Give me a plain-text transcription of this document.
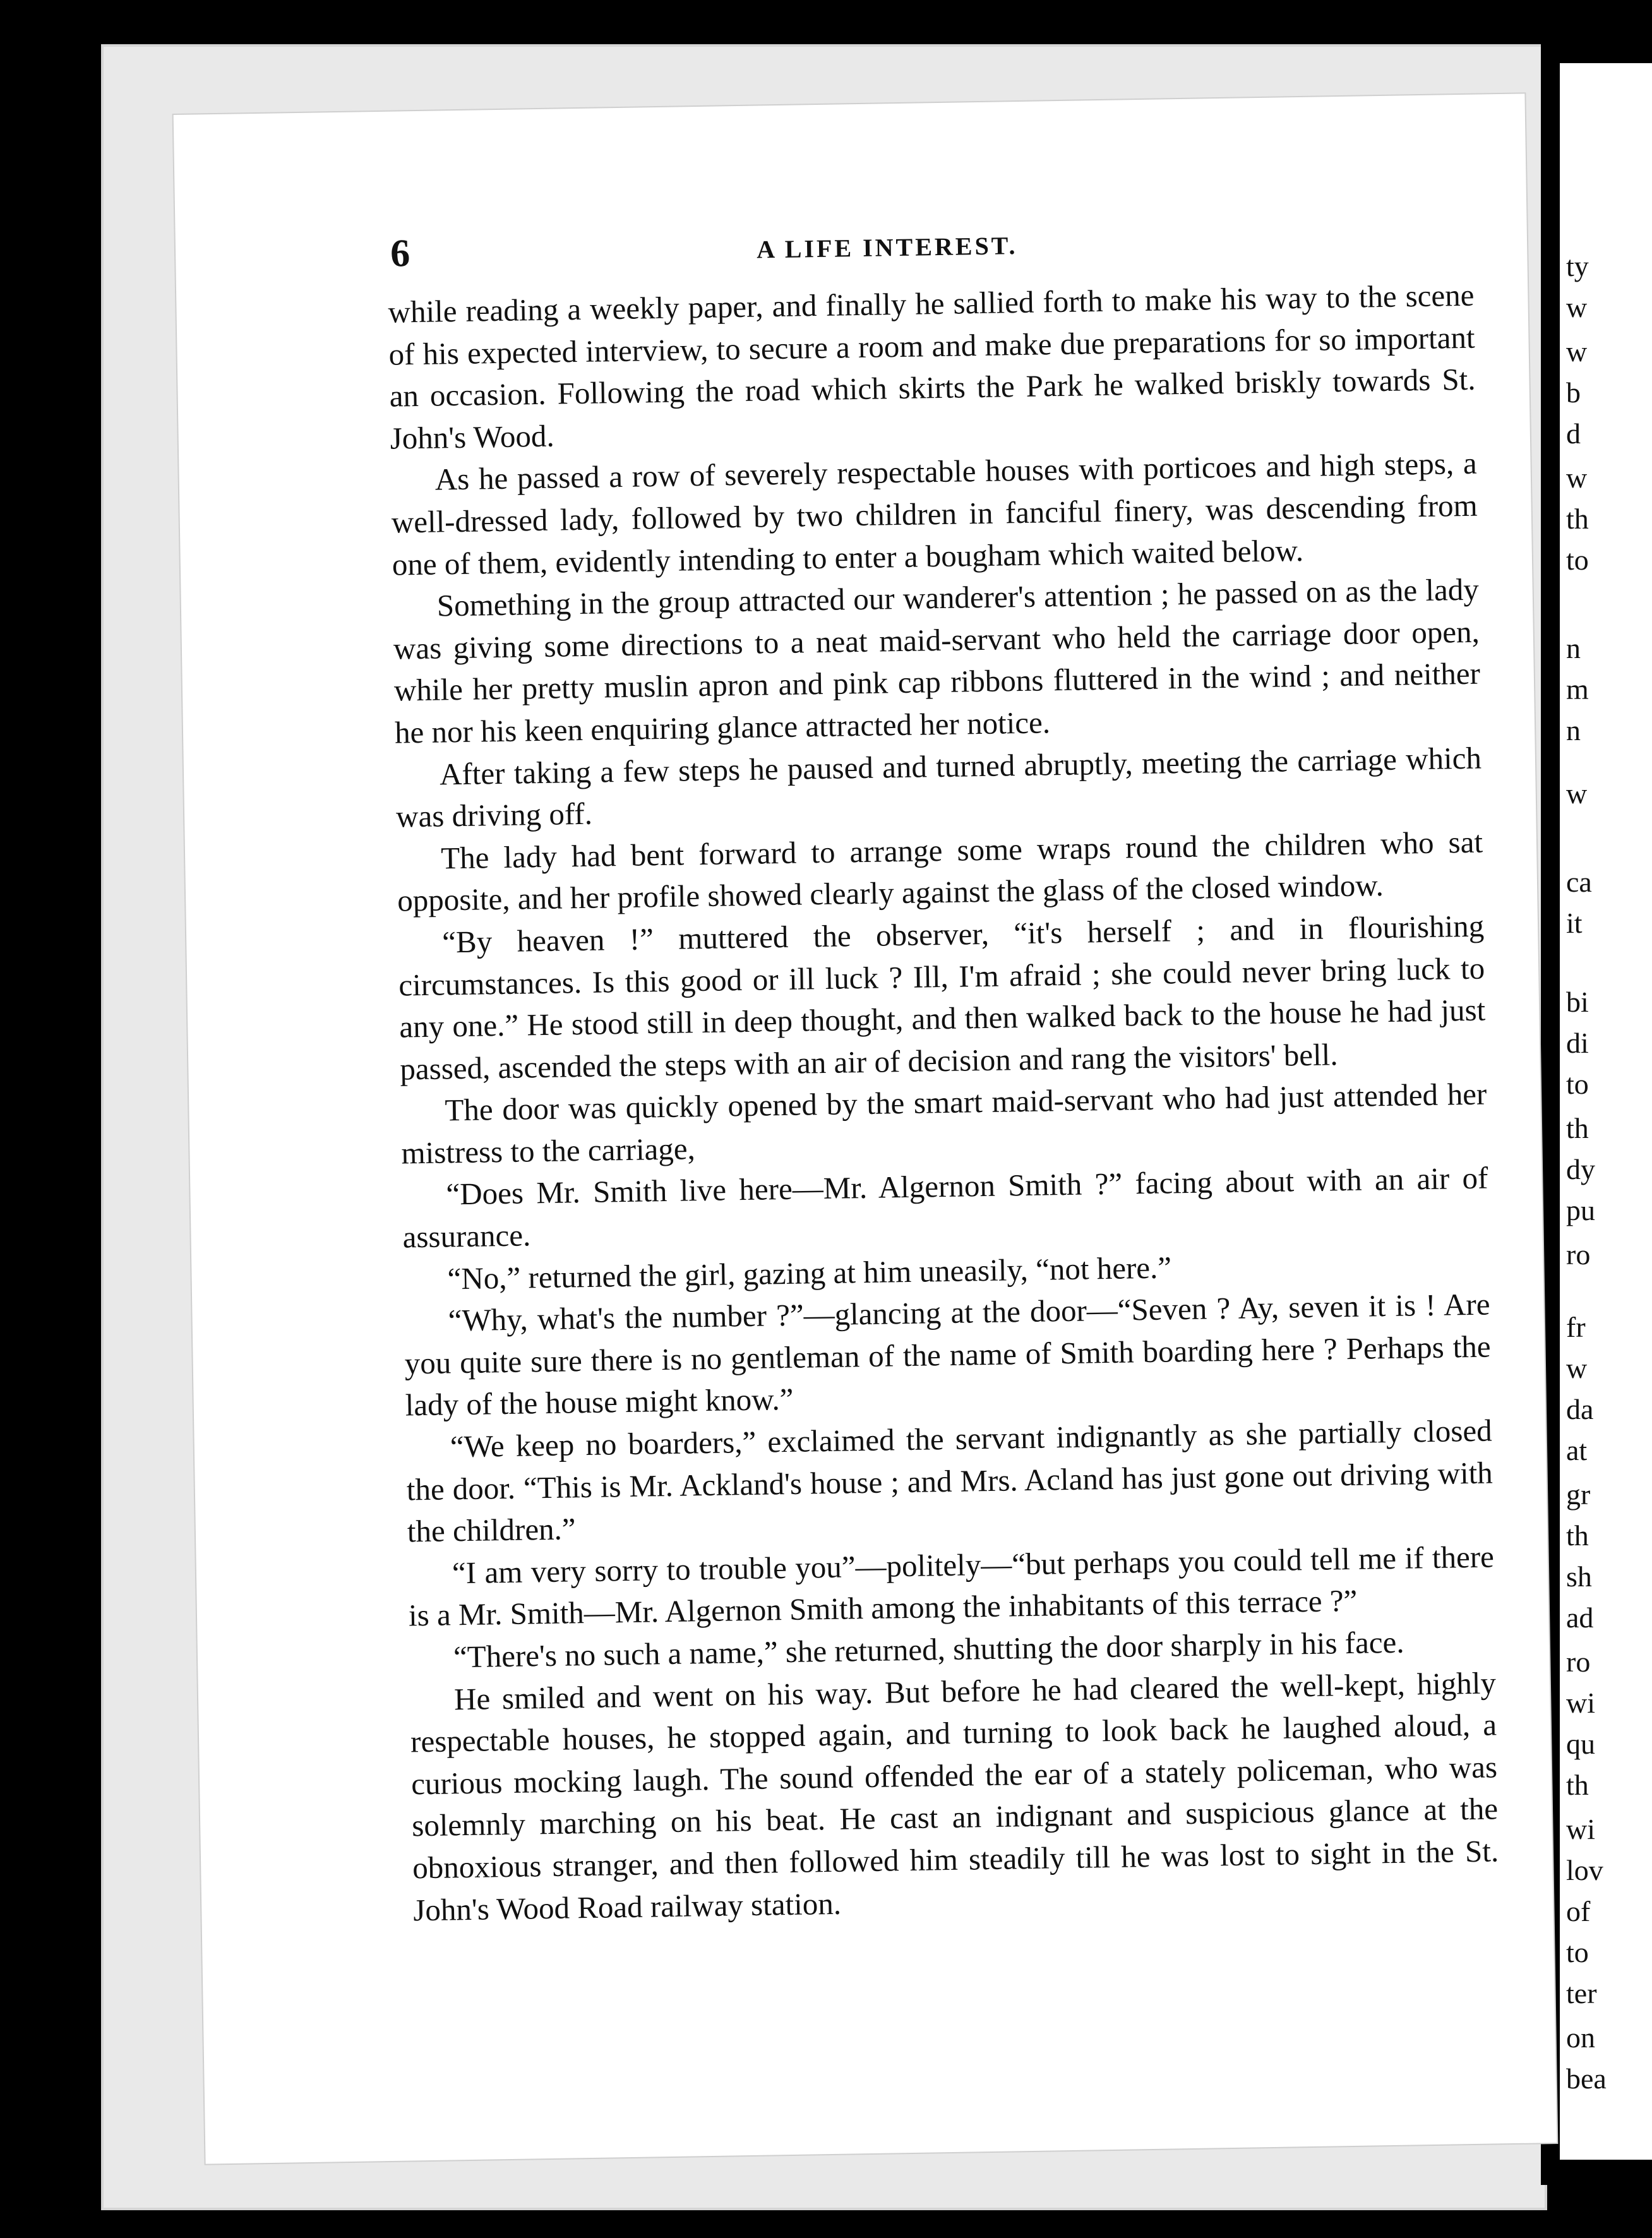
6	A LIFE INTEREST.

while reading a weekly paper, and finally he sallied forth to make his way to the scene of his expected interview, to secure a room and make due preparations for so important an occasion. Following the road which skirts the Park he walked briskly towards St. John's Wood.

As he passed a row of severely respectable houses with porticoes and high steps, a well-dressed lady, followed by two children in fanciful finery, was descending from one of them, evidently intending to enter a bougham which waited below.

Something in the group attracted our wanderer's attention ; he passed on as the lady was giving some directions to a neat maid-servant who held the carriage door open, while her pretty muslin apron and pink cap ribbons fluttered in the wind ; and neither he nor his keen enquiring glance attracted her notice.

After taking a few steps he paused and turned abruptly, meeting the carriage which was driving off.

The lady had bent forward to arrange some wraps round the children who sat opposite, and her profile showed clearly against the glass of the closed window.

“By heaven !” muttered the observer, “it's herself ; and in flourishing circumstances. Is this good or ill luck ? Ill, I'm afraid ; she could never bring luck to any one.” He stood still in deep thought, and then walked back to the house he had just passed, ascended the steps with an air of decision and rang the visitors' bell.

The door was quickly opened by the smart maid-servant who had just attended her mistress to the carriage,

“Does Mr. Smith live here—Mr. Algernon Smith ?” facing about with an air of assurance.

“No,” returned the girl, gazing at him uneasily, “not here.”

“Why, what's the number ?”—glancing at the door—“Seven ? Ay, seven it is ! Are you quite sure there is no gentleman of the name of Smith boarding here ? Perhaps the lady of the house might know.”

“We keep no boarders,” exclaimed the servant indignantly as she partially closed the door. “This is Mr. Ackland's house ; and Mrs. Acland has just gone out driving with the children.”

“I am very sorry to trouble you”—politely—“but perhaps you could tell me if there is a Mr. Smith—Mr. Algernon Smith among the inhabitants of this terrace ?”

“There's no such a name,” she returned, shutting the door sharply in his face.

He smiled and went on his way. But before he had cleared the well-kept, highly respectable houses, he stopped again, and turning to look back he laughed aloud, a curious mocking laugh. The sound offended the ear of a stately policeman, who was solemnly marching on his beat. He cast an indignant and suspicious glance at the obnoxious stranger, and then followed him steadily till he was lost to sight in the St. John's Wood Road railway station.

ty
w
w
b
d
w
th
to
n
m
n
w
ca
it
bi
di
to
th
dy
pu
ro
fr
w
da
at
gr
th
sh
ad
ro
wi
qu
th
wi
lov
of
to
ter
on
bea
